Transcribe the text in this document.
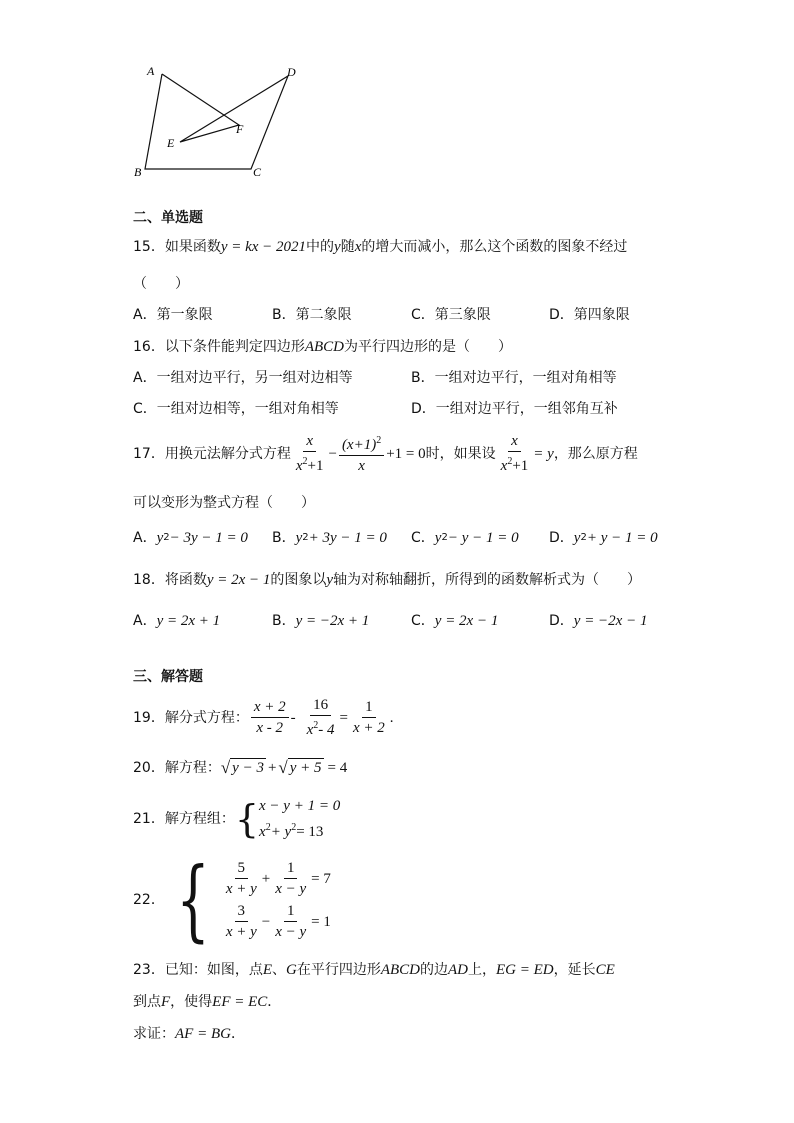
A
B	C
D
E
F
二、单选题
15． 如果函数 y = kx − 2021 中的 y 随 x 的增大而减小，那么这个函数的图象不经过
（　　）
A．第一象限	B．第二象限	C．第三象限	D．第四象限
16． 以下条件能判定四边形 ABCD 为平行四边形的是（　　）
A．一组对边平行，另一组对边相等	B．一组对边平行，一组对角相等
C．一组对边相等，一组对角相等	D．一组对边平行，一组邻角互补
17． 用换元法解分式方程 $\frac{x}{x^2+1} - \frac{(x+1)^2}{x} +1 = 0$ 时，如果设 $\frac{x}{x^2+1} = y$ ，那么原方程
可以变形为整式方程（　　）
A． y 2 − 3y − 1 = 0 B． y 2 + 3y − 1 = 0 C． y 2 − y − 1 = 0 D． y 2 + y − 1 = 0
18． 将函数 y = 2x − 1 的图象以 y 轴为对称轴翻折，所得到的函数解析式为（　　）
A． y = 2x + 1	B． y = −2x + 1	C． y = 2x − 1	D． y = −2x − 1
三、解答题
19． 解分式方程： $\frac{x + 2}{x - 2} - \frac{16}{x^2- 4} = \frac{1}{x + 2}$ .
20． 解方程： √ y − 3 + √ y + 5 = 4
21． 解方程组： { x − y + 1 = 0
$x^2+ y^2= 13$
22． { $\frac{5}{x + y} + \frac{1}{x - y} = 7$
$\frac{3}{x + y} - \frac{1}{x - y} = 1$
23． 已知：如图，点 E 、 G 在平行四边形 ABCD 的边 AD 上， EG = ED ，延长 CE
到点 F ，使得 EF = EC ．
求证： AF = BG ．
